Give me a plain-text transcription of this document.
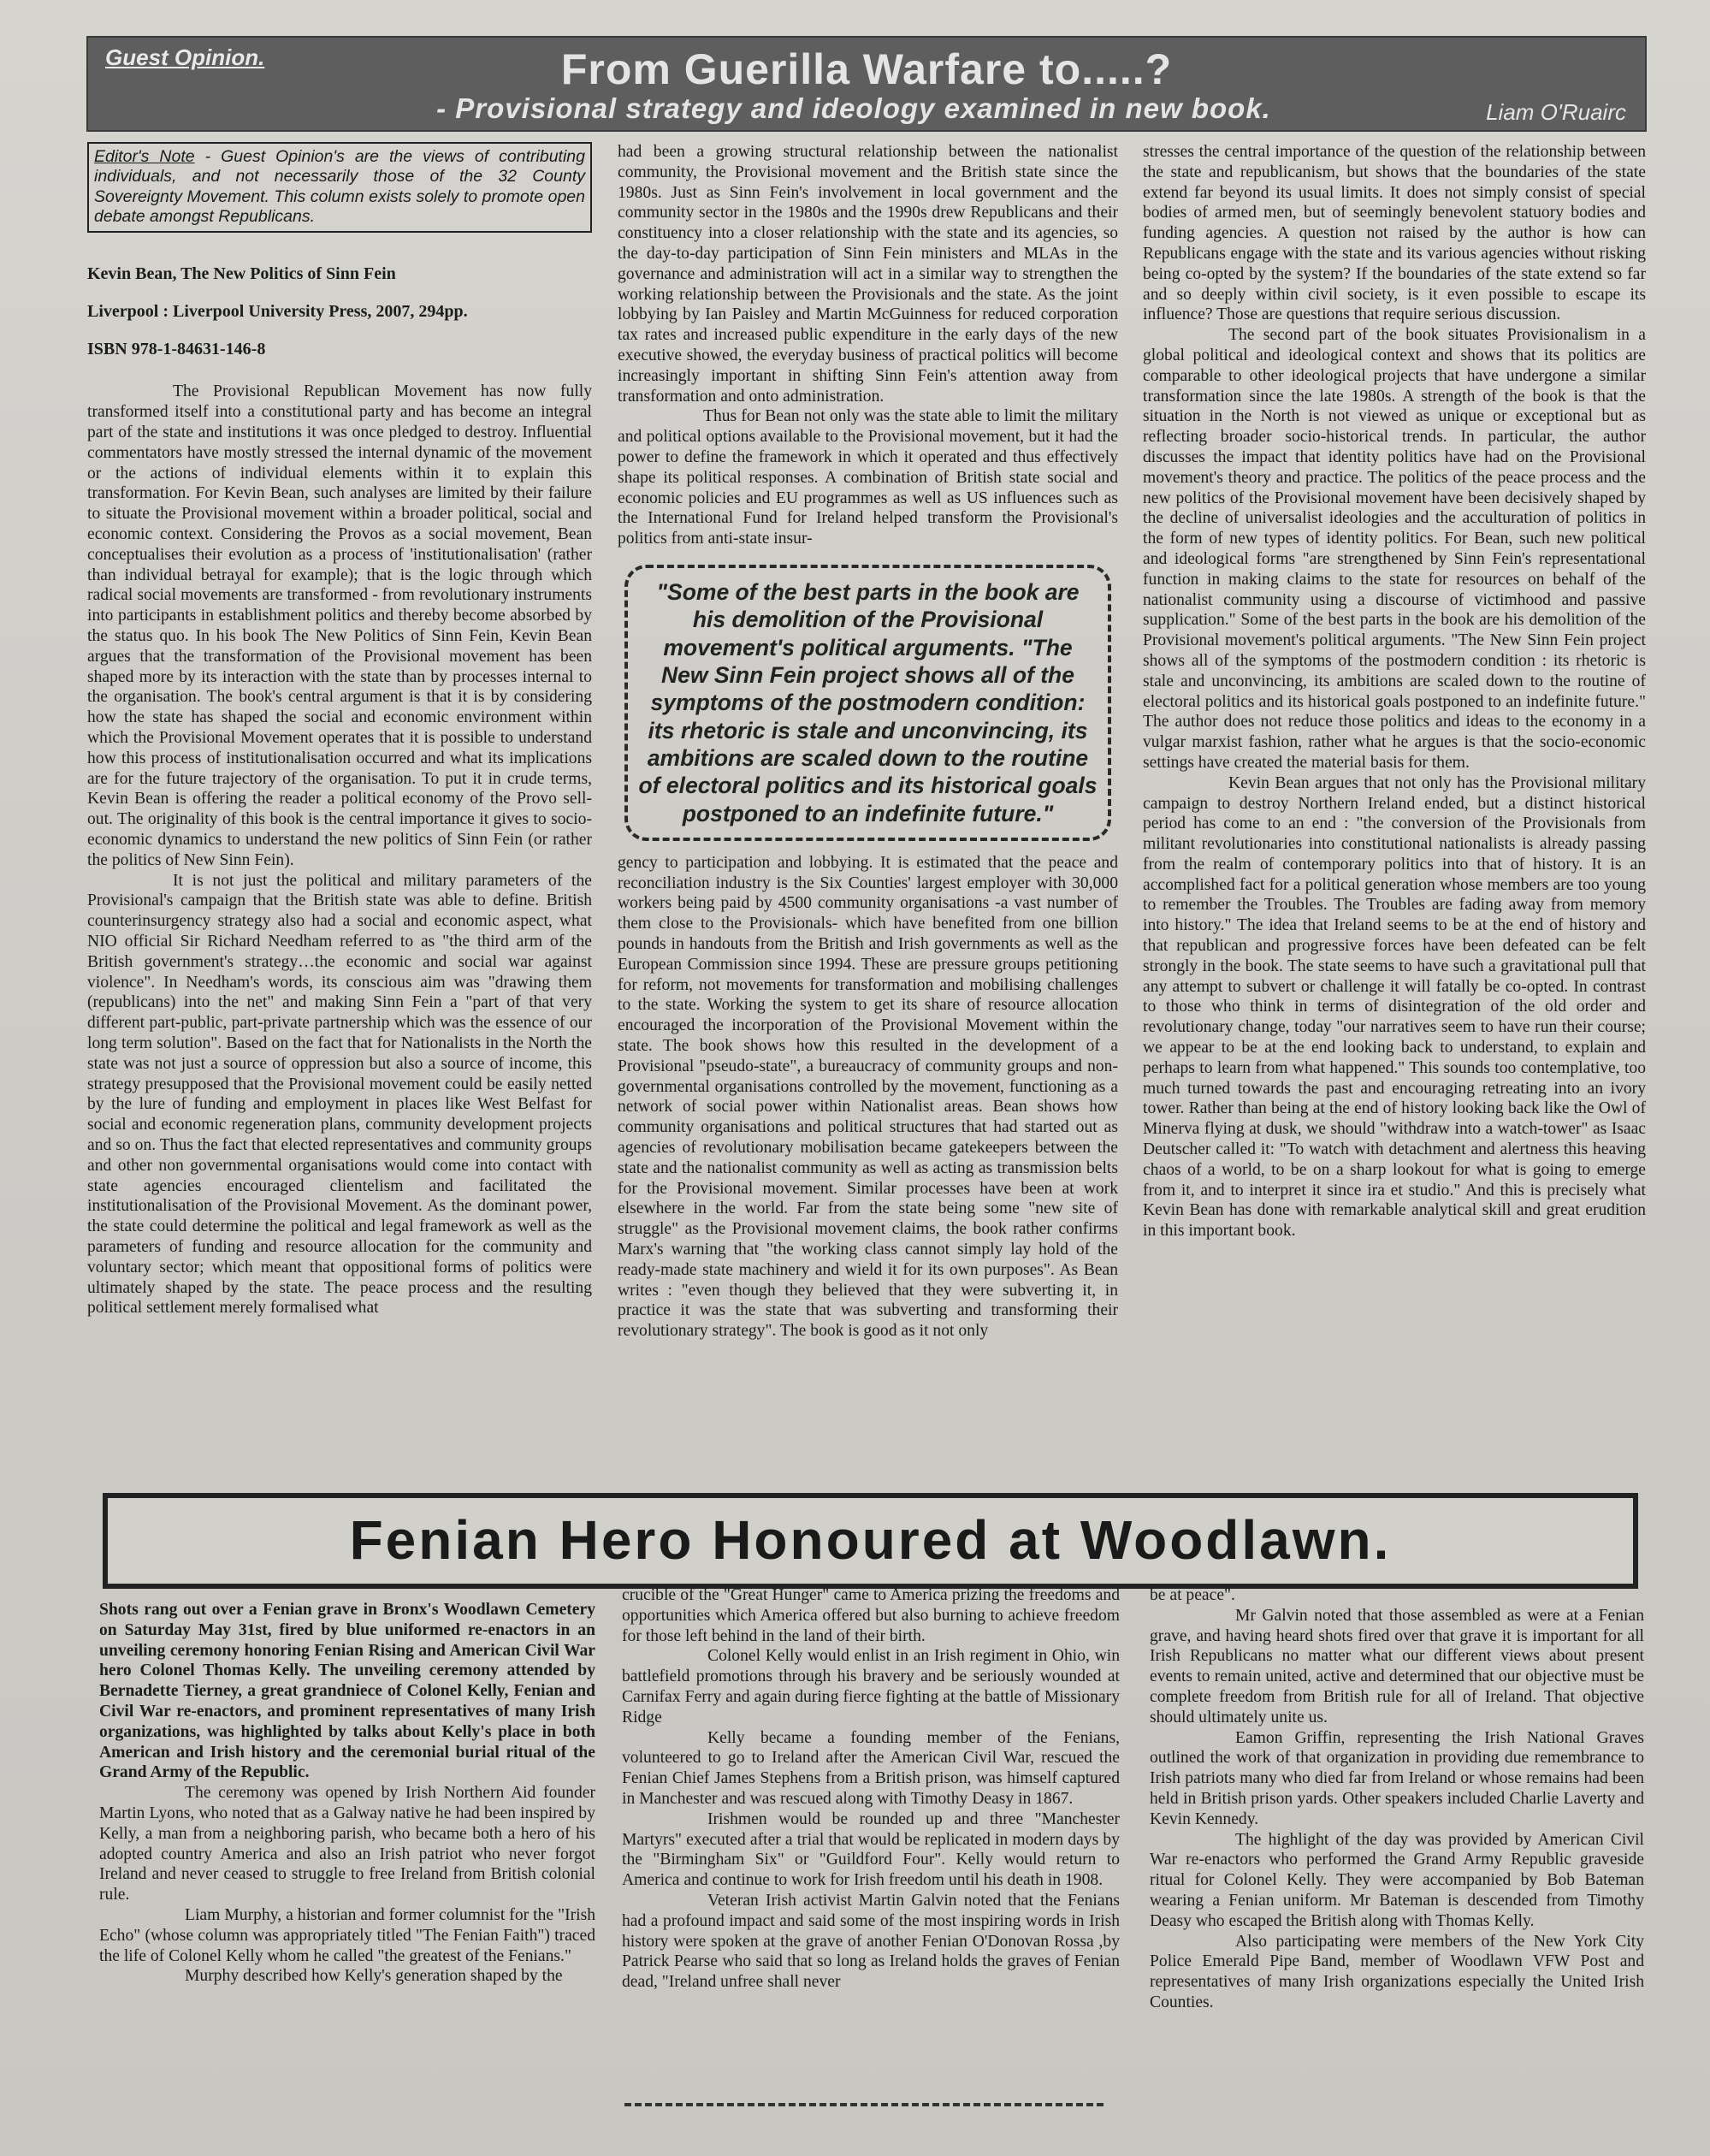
Guest Opinion.	From Guerilla Warfare to.....?
- Provisional strategy and ideology examined in new book.	Liam O'Ruairc
Editor's Note - Guest Opinion's are the views of contributing individuals, and not necessarily those of the 32 County Sovereignty Movement. This column exists solely to promote open debate amongst Republicans.

Kevin Bean, The New Politics of Sinn Fein

Liverpool : Liverpool University Press, 2007, 294pp.

ISBN 978-1-84631-146-8

The Provisional Republican Movement has now fully transformed itself into a constitutional party and has become an integral part of the state and institutions it was once pledged to destroy. Influential commentators have mostly stressed the internal dynamic of the movement or the actions of individual elements within it to explain this transformation. For Kevin Bean, such analyses are limited by their failure to situate the Provisional movement within a broader political, social and economic context. Considering the Provos as a social movement, Bean conceptualises their evolution as a process of 'institutionalisation' (rather than individual betrayal for example); that is the logic through which radical social movements are transformed - from revolutionary instruments into participants in establishment politics and thereby become absorbed by the status quo. In his book The New Politics of Sinn Fein, Kevin Bean argues that the transformation of the Provisional movement has been shaped more by its interaction with the state than by processes internal to the organisation. The book's central argument is that it is by considering how the state has shaped the social and economic environment within which the Provisional Movement operates that it is possible to understand how this process of institutionalisation occurred and what its implications are for the future trajectory of the organisation. To put it in crude terms, Kevin Bean is offering the reader a political economy of the Provo sell-out. The originality of this book is the central importance it gives to socio-economic dynamics to understand the new politics of Sinn Fein (or rather the politics of New Sinn Fein).

It is not just the political and military parameters of the Provisional's campaign that the British state was able to define. British counterinsurgency strategy also had a social and economic aspect, what NIO official Sir Richard Needham referred to as "the third arm of the British government's strategy…the economic and social war against violence". In Needham's words, its conscious aim was "drawing them (republicans) into the net" and making Sinn Fein a "part of that very different part-public, part-private partnership which was the essence of our long term solution". Based on the fact that for Nationalists in the North the state was not just a source of oppression but also a source of income, this strategy presupposed that the Provisional movement could be easily netted by the lure of funding and employment in places like West Belfast for social and economic regeneration plans, community development projects and so on. Thus the fact that elected representatives and community groups and other non governmental organisations would come into contact with state agencies encouraged clientelism and facilitated the institutionalisation of the Provisional Movement. As the dominant power, the state could determine the political and legal framework as well as the parameters of funding and resource allocation for the community and voluntary sector; which meant that oppositional forms of politics were ultimately shaped by the state. The peace process and the resulting political settlement merely formalised what

had been a growing structural relationship between the nationalist community, the Provisional movement and the British state since the 1980s. Just as Sinn Fein's involvement in local government and the community sector in the 1980s and the 1990s drew Republicans and their constituency into a closer relationship with the state and its agencies, so the day-to-day participation of Sinn Fein ministers and MLAs in the governance and administration will act in a similar way to strengthen the working relationship between the Provisionals and the state. As the joint lobbying by Ian Paisley and Martin McGuinness for reduced corporation tax rates and increased public expenditure in the early days of the new executive showed, the everyday business of practical politics will become increasingly important in shifting Sinn Fein's attention away from transformation and onto administration.

Thus for Bean not only was the state able to limit the military and political options available to the Provisional movement, but it had the power to define the framework in which it operated and thus effectively shape its political responses. A combination of British state social and economic policies and EU programmes as well as US influences such as the International Fund for Ireland helped transform the Provisional's politics from anti-state insur-

"Some of the best parts in the book are his demolition of the Provisional movement's political arguments. "The New Sinn Fein project shows all of the symptoms of the postmodern condition: its rhetoric is stale and unconvincing, its ambitions are scaled down to the routine of electoral politics and its historical goals postponed to an indefinite future."

gency to participation and lobbying. It is estimated that the peace and reconciliation industry is the Six Counties' largest employer with 30,000 workers being paid by 4500 community organisations -a vast number of them close to the Provisionals- which have benefited from one billion pounds in handouts from the British and Irish governments as well as the European Commission since 1994. These are pressure groups petitioning for reform, not movements for transformation and mobilising challenges to the state. Working the system to get its share of resource allocation encouraged the incorporation of the Provisional Movement within the state. The book shows how this resulted in the development of a Provisional "pseudo-state", a bureaucracy of community groups and non-governmental organisations controlled by the movement, functioning as a network of social power within Nationalist areas. Bean shows how community organisations and political structures that had started out as agencies of revolutionary mobilisation became gatekeepers between the state and the nationalist community as well as acting as transmission belts for the Provisional movement. Similar processes have been at work elsewhere in the world. Far from the state being some "new site of struggle" as the Provisional movement claims, the book rather confirms Marx's warning that "the working class cannot simply lay hold of the ready-made state machinery and wield it for its own purposes". As Bean writes : "even though they believed that they were subverting it, in practice it was the state that was subverting and transforming their revolutionary strategy". The book is good as it not only

stresses the central importance of the question of the relationship between the state and republicanism, but shows that the boundaries of the state extend far beyond its usual limits. It does not simply consist of special bodies of armed men, but of seemingly benevolent statuory bodies and funding agencies. A question not raised by the author is how can Republicans engage with the state and its various agencies without risking being co-opted by the system? If the boundaries of the state extend so far and so deeply within civil society, is it even possible to escape its influence? Those are questions that require serious discussion.

The second part of the book situates Provisionalism in a global political and ideological context and shows that its politics are comparable to other ideological projects that have undergone a similar transformation since the late 1980s. A strength of the book is that the situation in the North is not viewed as unique or exceptional but as reflecting broader socio-historical trends. In particular, the author discusses the impact that identity politics have had on the Provisional movement's theory and practice. The politics of the peace process and the new politics of the Provisional movement have been decisively shaped by the decline of universalist ideologies and the acculturation of politics in the form of new types of identity politics. For Bean, such new political and ideological forms "are strengthened by Sinn Fein's representational function in making claims to the state for resources on behalf of the nationalist community using a discourse of victimhood and passive supplication." Some of the best parts in the book are his demolition of the Provisional movement's political arguments. "The New Sinn Fein project shows all of the symptoms of the postmodern condition : its rhetoric is stale and unconvincing, its ambitions are scaled down to the routine of electoral politics and its historical goals postponed to an indefinite future." The author does not reduce those politics and ideas to the economy in a vulgar marxist fashion, rather what he argues is that the socio-economic settings have created the material basis for them.

Kevin Bean argues that not only has the Provisional military campaign to destroy Northern Ireland ended, but a distinct historical period has come to an end : "the conversion of the Provisionals from militant revolutionaries into constitutional nationalists is already passing from the realm of contemporary politics into that of history. It is an accomplished fact for a political generation whose members are too young to remember the Troubles. The Troubles are fading away from memory into history." The idea that Ireland seems to be at the end of history and that republican and progressive forces have been defeated can be felt strongly in the book. The state seems to have such a gravitational pull that any attempt to subvert or challenge it will fatally be co-opted. In contrast to those who think in terms of disintegration of the old order and revolutionary change, today "our narratives seem to have run their course; we appear to be at the end looking back to understand, to explain and perhaps to learn from what happened." This sounds too contemplative, too much turned towards the past and encouraging retreating into an ivory tower. Rather than being at the end of history looking back like the Owl of Minerva flying at dusk, we should "withdraw into a watch-tower" as Isaac Deutscher called it: "To watch with detachment and alertness this heaving chaos of a world, to be on a sharp lookout for what is going to emerge from it, and to interpret it since ira et studio." And this is precisely what Kevin Bean has done with remarkable analytical skill and great erudition in this important book.

Fenian Hero Honoured at Woodlawn.

Shots rang out over a Fenian grave in Bronx's Woodlawn Cemetery on Saturday May 31st, fired by blue uniformed re-enactors in an unveiling ceremony honoring Fenian Rising and American Civil War hero Colonel Thomas Kelly. The unveiling ceremony attended by Bernadette Tierney, a great grandniece of Colonel Kelly, Fenian and Civil War re-enactors, and prominent representatives of many Irish organizations, was highlighted by talks about Kelly's place in both American and Irish history and the ceremonial burial ritual of the Grand Army of the Republic.

The ceremony was opened by Irish Northern Aid founder Martin Lyons, who noted that as a Galway native he had been inspired by Kelly, a man from a neighboring parish, who became both a hero of his adopted country America and also an Irish patriot who never forgot Ireland and never ceased to struggle to free Ireland from British colonial rule.

Liam Murphy, a historian and former columnist for the "Irish Echo" (whose column was appropriately titled "The Fenian Faith") traced the life of Colonel Kelly whom he called "the greatest of the Fenians."

Murphy described how Kelly's generation shaped by the

crucible of the "Great Hunger" came to America prizing the freedoms and opportunities which America offered but also burning to achieve freedom for those left behind in the land of their birth.

Colonel Kelly would enlist in an Irish regiment in Ohio, win battlefield promotions through his bravery and be seriously wounded at Carnifax Ferry and again during fierce fighting at the battle of Missionary Ridge

Kelly became a founding member of the Fenians, volunteered to go to Ireland after the American Civil War, rescued the Fenian Chief James Stephens from a British prison, was himself captured in Manchester and was rescued along with Timothy Deasy in 1867.

Irishmen would be rounded up and three "Manchester Martyrs" executed after a trial that would be replicated in modern days by the "Birmingham Six" or "Guildford Four". Kelly would return to America and continue to work for Irish freedom until his death in 1908.

Veteran Irish activist Martin Galvin noted that the Fenians had a profound impact and said some of the most inspiring words in Irish history were spoken at the grave of another Fenian O'Donovan Rossa ,by Patrick Pearse who said that so long as Ireland holds the graves of Fenian dead, "Ireland unfree shall never

be at peace".

Mr Galvin noted that those assembled as were at a Fenian grave, and having heard shots fired over that grave it is important for all Irish Republicans no matter what our different views about present events to remain united, active and determined that our objective must be complete freedom from British rule for all of Ireland. That objective should ultimately unite us.

Eamon Griffin, representing the Irish National Graves outlined the work of that organization in providing due remembrance to Irish patriots many who died far from Ireland or whose remains had been held in British prison yards. Other speakers included Charlie Laverty and Kevin Kennedy.

The highlight of the day was provided by American Civil War re-enactors who performed the Grand Army Republic graveside ritual for Colonel Kelly. They were accompanied by Bob Bateman wearing a Fenian uniform. Mr Bateman is descended from Timothy Deasy who escaped the British along with Thomas Kelly.

Also participating were members of the New York City Police Emerald Pipe Band, member of Woodlawn VFW Post and representatives of many Irish organizations especially the United Irish Counties.
